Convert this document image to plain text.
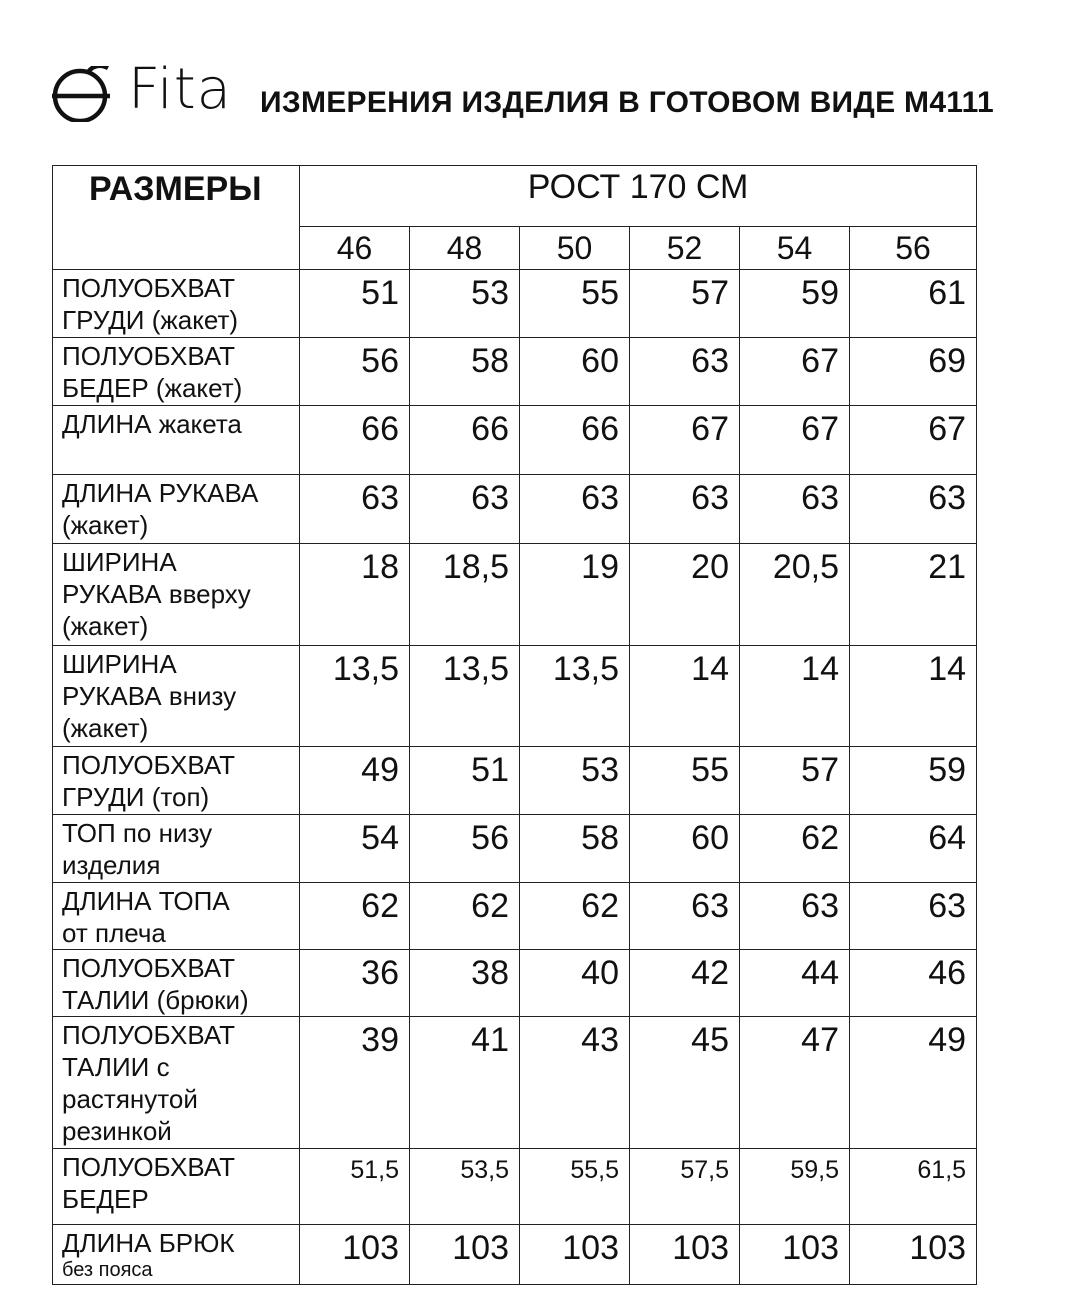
Fita ИЗМЕРЕНИЯ ИЗДЕЛИЯ В ГОТОВОМ ВИДЕ М4111
РАЗМЕРЫ	РОСТ 170 СМ					
	46	48	50	52	54	56
ПОЛУОБХВАТ
ГРУДИ (жакет)	51	53	55	57	59	61
ПОЛУОБХВАТ
БЕДЕР (жакет)	56	58	60	63	67	69
ДЛИНА жакета	66	66	66	67	67	67
ДЛИНА РУКАВА
(жакет)	63	63	63	63	63	63
ШИРИНА
РУКАВА вверху
(жакет)	18	18,5	19	20	20,5	21
ШИРИНА
РУКАВА внизу
(жакет)	13,5	13,5	13,5	14	14	14
ПОЛУОБХВАТ
ГРУДИ (топ)	49	51	53	55	57	59
ТОП по низу
изделия	54	56	58	60	62	64
ДЛИНА ТОПА
от плеча	62	62	62	63	63	63
ПОЛУОБХВАТ
ТАЛИИ (брюки)	36	38	40	42	44	46
ПОЛУОБХВАТ
ТАЛИИ с
растянутой
резинкой	39	41	43	45	47	49
ПОЛУОБХВАТ
БЕДЕР	51,5	53,5	55,5	57,5	59,5	61,5
ДЛИНА БРЮК
без пояса	103	103	103	103	103	103
